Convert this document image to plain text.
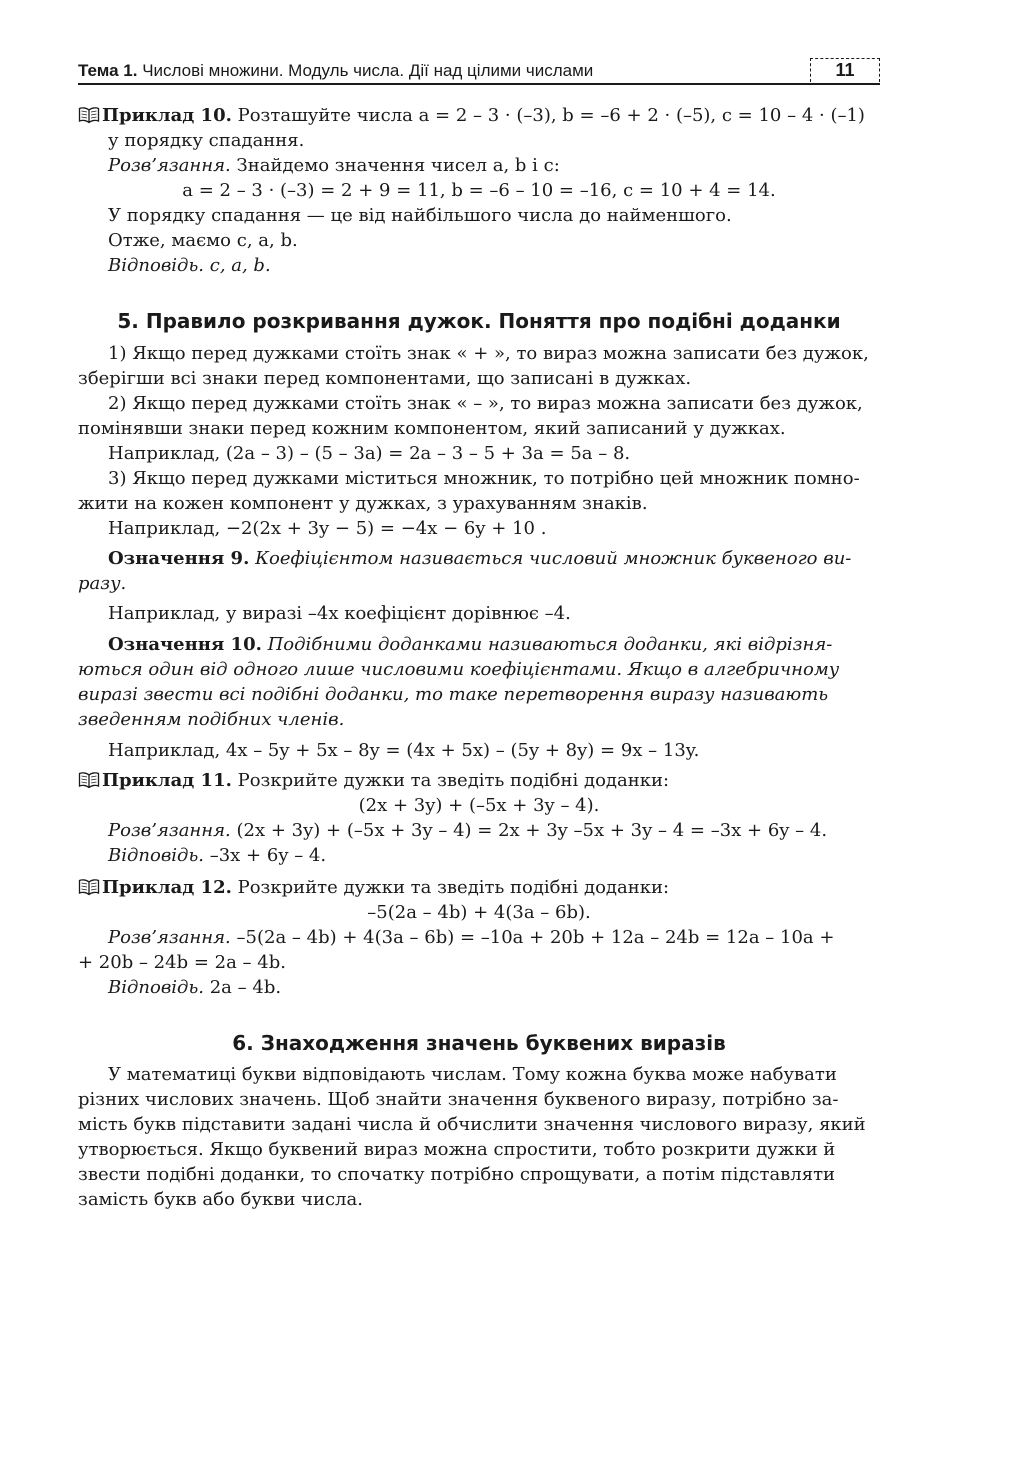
Тема 1. Числові множини. Модуль числа. Дії над цілими числами	11
Приклад 10. Розташуйте числа a = 2 – 3 · (–3), b = –6 + 2 · (–5), c = 10 – 4 · (–1)
у порядку спадання.
Розв’язання. Знайдемо значення чисел a, b і c:
a = 2 – 3 · (–3) = 2 + 9 = 11, b = –6 – 10 = –16, c = 10 + 4 = 14.
У порядку спадання — це від найбільшого числа до найменшого.
Отже, маємо c, a, b.
Відповідь. c, a, b.
5. Правило розкривання дужок. Поняття про подібні доданки
1) Якщо перед дужками стоїть знак « + », то вираз можна записати без дужок,
зберігши всі знаки перед компонентами, що записані в дужках.
2) Якщо перед дужками стоїть знак « – », то вираз можна записати без дужок,
помінявши знаки перед кожним компонентом, який записаний у дужках.
Наприклад, (2a – 3) – (5 – 3a) = 2a – 3 – 5 + 3a = 5a – 8.
3) Якщо перед дужками міститься множник, то потрібно цей множник помно-
жити на кожен компонент у дужках, з урахуванням знаків.
Наприклад, −2(2x + 3y − 5) = −4x − 6y + 10 .
Означення 9. Коефіцієнтом називається числовий множник буквеного ви-
разу.
Наприклад, у виразі –4x коефіцієнт дорівнює –4.
Означення 10. Подібними доданками називаються доданки, які відрізня-
ються один від одного лише числовими коефіцієнтами. Якщо в алгебричному
виразі звести всі подібні доданки, то таке перетворення виразу називають
зведенням подібних членів.
Наприклад, 4x – 5y + 5x – 8y = (4x + 5x) – (5y + 8y) = 9x – 13y.
Приклад 11. Розкрийте дужки та зведіть подібні доданки:
(2x + 3y) + (–5x + 3y – 4).
Розв’язання. (2x + 3y) + (–5x + 3y – 4) = 2x + 3y –5x + 3y – 4 = –3x + 6y – 4.
Відповідь. –3x + 6y – 4.
Приклад 12. Розкрийте дужки та зведіть подібні доданки:
–5(2a – 4b) + 4(3a – 6b).
Розв’язання. –5(2a – 4b) + 4(3a – 6b) = –10a + 20b + 12a – 24b = 12a – 10a +
+ 20b – 24b = 2a – 4b.
Відповідь. 2a – 4b.
6. Знаходження значень буквених виразів
У математиці букви відповідають числам. Тому кожна буква може набувати
різних числових значень. Щоб знайти значення буквеного виразу, потрібно за-
мість букв підставити задані числа й обчислити значення числового виразу, який
утворюється. Якщо буквений вираз можна спростити, тобто розкрити дужки й
звести подібні доданки, то спочатку потрібно спрощувати, а потім підставляти
замість букв або букви числа.
